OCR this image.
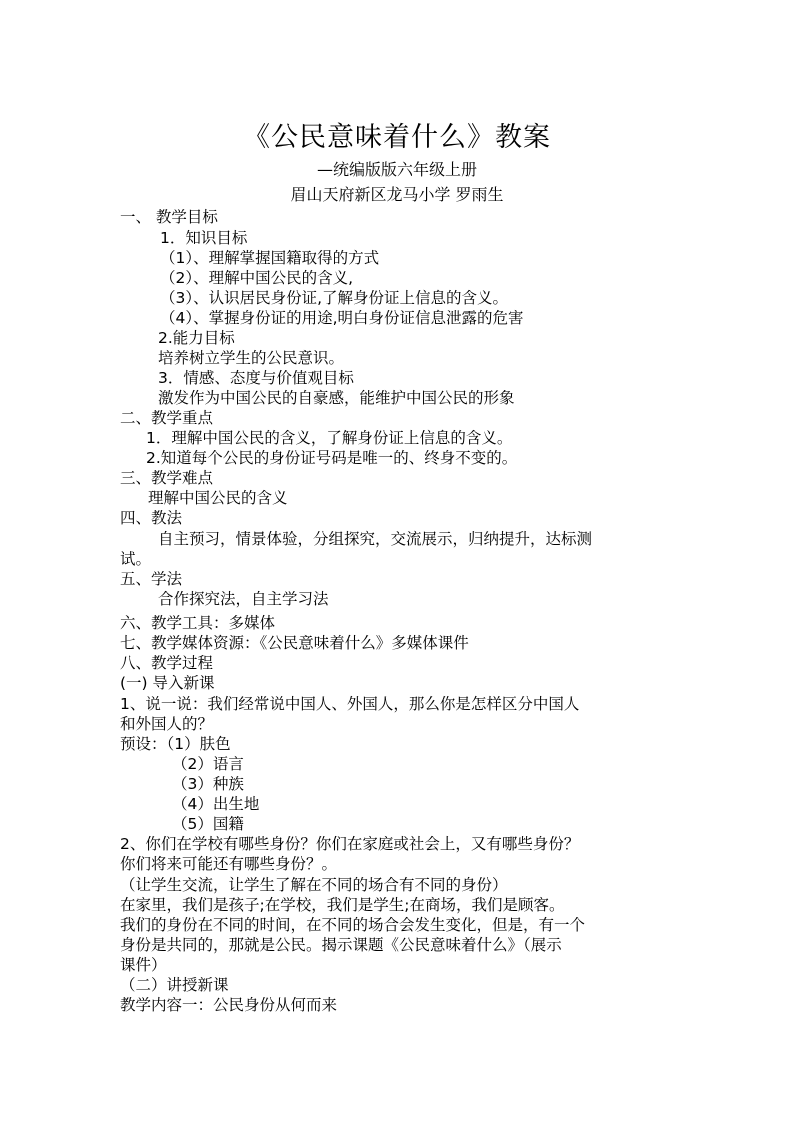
《公民意味着什么》教案
—统编版版六年级上册
眉山天府新区龙马小学 罗雨生
一、 教学目标
1．知识目标
（1）、理解掌握国籍取得的方式
（2）、理解中国公民的含义,
（3）、认识居民身份证,了解身份证上信息的含义。
（4）、掌握身份证的用途,明白身份证信息泄露的危害
2.能力目标
培养树立学生的公民意识。
3．情感、态度与价值观目标
激发作为中国公民的自豪感，能维护中国公民的形象
二、教学重点
1．理解中国公民的含义，了解身份证上信息的含义。
2.知道每个公民的身份证号码是唯一的、终身不变的。
三、教学难点
理解中国公民的含义
四、教法
自主预习，情景体验，分组探究，交流展示，归纳提升，达标测
试。
五、学法
合作探究法，自主学习法
六、教学工具：多媒体
七、教学媒体资源：《公民意味着什么》多媒体课件
八、教学过程
(一) 导入新课
1、说一说：我们经常说中国人、外国人，那么你是怎样区分中国人
和外国人的？
预设：（1）肤色
（2）语言
（3）种族
（4）出生地
（5）国籍
2、你们在学校有哪些身份？你们在家庭或社会上，又有哪些身份？
你们将来可能还有哪些身份？。
（让学生交流，让学生了解在不同的场合有不同的身份）
在家里，我们是孩子;在学校，我们是学生;在商场，我们是顾客。
我们的身份在不同的时间，在不同的场合会发生变化，但是，有一个
身份是共同的，那就是公民。揭示课题《公民意味着什么》（展示
课件）
（二）讲授新课
教学内容一：公民身份从何而来
